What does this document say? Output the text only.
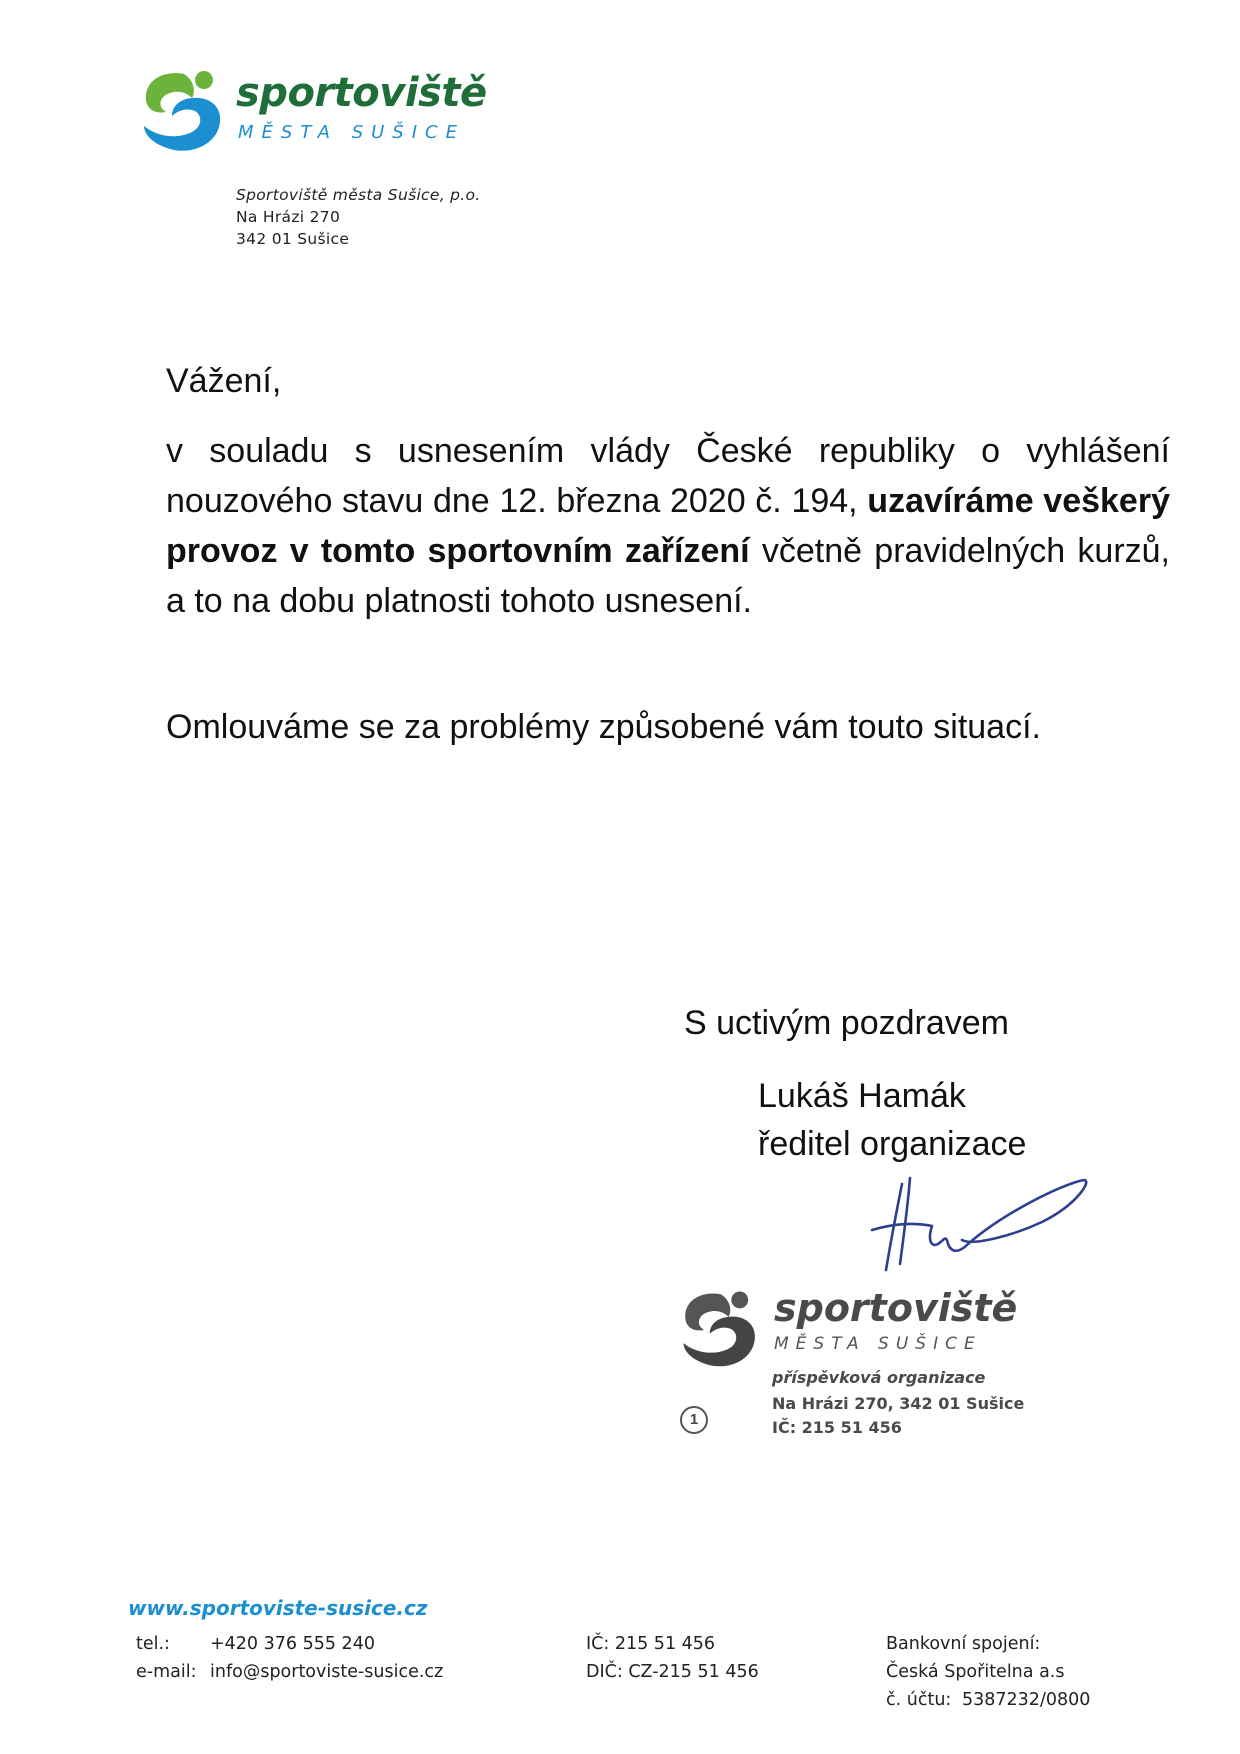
sportoviště
MĚSTA SUŠICE
Sportoviště města Sušice, p.o.
Na Hrázi 270
342 01 Sušice

Vážení,

v souladu s usnesením vlády České republiky o vyhlášení nouzového stavu dne 12. března 2020 č. 194, uzavíráme veškerý provoz v tomto sportovním zařízení včetně pravidelných kurzů, a to na dobu platnosti tohoto usnesení.

Omlouváme se za problémy způsobené vám touto situací.

S uctivým pozdravem
Lukáš Hamák
ředitel organizace
sportoviště
MĚSTA SUŠICE
příspěvková organizace
Na Hrázi 270, 342 01 Sušice
IČ: 215 51 456
1
www.sportoviste-susice.cz
tel.: +420 376 555 240
e-mail: info@sportoviste-susice.cz
IČ: 215 51 456
DIČ: CZ-215 51 456
Bankovní spojení:
Česká Spořitelna a.s
č. účtu: 5387232/0800
